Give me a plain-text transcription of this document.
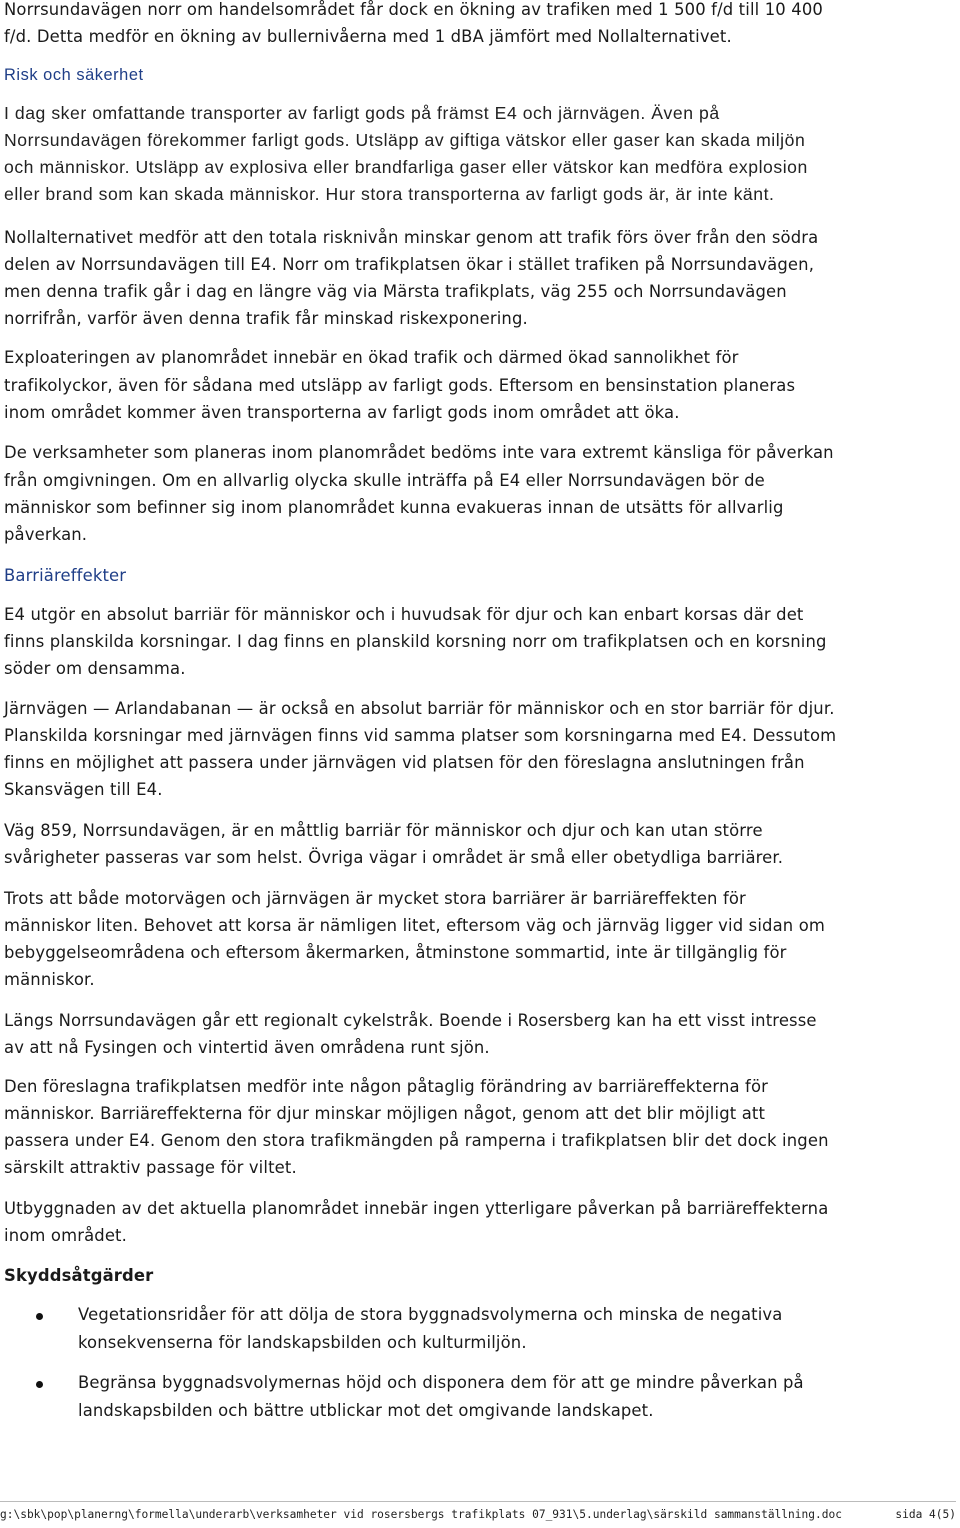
Norrsundavägen norr om handelsområdet får dock en ökning av trafiken med 1 500 f/d till 10 400
f/d. Detta medför en ökning av bullernivåerna med 1 dBA jämfört med Nollalternativet.
Risk och säkerhet
I dag sker omfattande transporter av farligt gods på främst E4 och järnvägen. Även på
Norrsundavägen förekommer farligt gods. Utsläpp av giftiga vätskor eller gaser kan skada miljön
och människor. Utsläpp av explosiva eller brandfarliga gaser eller vätskor kan medföra explosion
eller brand som kan skada människor. Hur stora transporterna av farligt gods är, är inte känt.
Nollalternativet medför att den totala risknivån minskar genom att trafik förs över från den södra
delen av Norrsundavägen till E4. Norr om trafikplatsen ökar i stället trafiken på Norrsundavägen,
men denna trafik går i dag en längre väg via Märsta trafikplats, väg 255 och Norrsundavägen
norrifrån, varför även denna trafik får minskad riskexponering.
Exploateringen av planområdet innebär en ökad trafik och därmed ökad sannolikhet för
trafikolyckor, även för sådana med utsläpp av farligt gods. Eftersom en bensinstation planeras
inom området kommer även transporterna av farligt gods inom området att öka.
De verksamheter som planeras inom planområdet bedöms inte vara extremt känsliga för påverkan
från omgivningen. Om en allvarlig olycka skulle inträffa på E4 eller Norrsundavägen bör de
människor som befinner sig inom planområdet kunna evakueras innan de utsätts för allvarlig
påverkan.
Barriäreffekter
E4 utgör en absolut barriär för människor och i huvudsak för djur och kan enbart korsas där det
finns planskilda korsningar. I dag finns en planskild korsning norr om trafikplatsen och en korsning
söder om densamma.
Järnvägen — Arlandabanan — är också en absolut barriär för människor och en stor barriär för djur.
Planskilda korsningar med järnvägen finns vid samma platser som korsningarna med E4. Dessutom
finns en möjlighet att passera under järnvägen vid platsen för den föreslagna anslutningen från
Skansvägen till E4.
Väg 859, Norrsundavägen, är en måttlig barriär för människor och djur och kan utan större
svårigheter passeras var som helst. Övriga vägar i området är små eller obetydliga barriärer.
Trots att både motorvägen och järnvägen är mycket stora barriärer är barriäreffekten för
människor liten. Behovet att korsa är nämligen litet, eftersom väg och järnväg ligger vid sidan om
bebyggelseområdena och eftersom åkermarken, åtminstone sommartid, inte är tillgänglig för
människor.
Längs Norrsundavägen går ett regionalt cykelstråk. Boende i Rosersberg kan ha ett visst intresse
av att nå Fysingen och vintertid även områdena runt sjön.
Den föreslagna trafikplatsen medför inte någon påtaglig förändring av barriäreffekterna för
människor. Barriäreffekterna för djur minskar möjligen något, genom att det blir möjligt att
passera under E4. Genom den stora trafikmängden på ramperna i trafikplatsen blir det dock ingen
särskilt attraktiv passage för viltet.
Utbyggnaden av det aktuella planområdet innebär ingen ytterligare påverkan på barriäreffekterna
inom området.
Skyddsåtgärder
Vegetationsridåer för att dölja de stora byggnadsvolymerna och minska de negativa
konsekvenserna för landskapsbilden och kulturmiljön.
Begränsa byggnadsvolymernas höjd och disponera dem för att ge mindre påverkan på
landskapsbilden och bättre utblickar mot det omgivande landskapet.
g:\sbk\pop\planerng\formella\underarb\verksamheter vid rosersbergs trafikplats 07_931\5.underlag\särskild sammanställning.doc	sida 4(5)
